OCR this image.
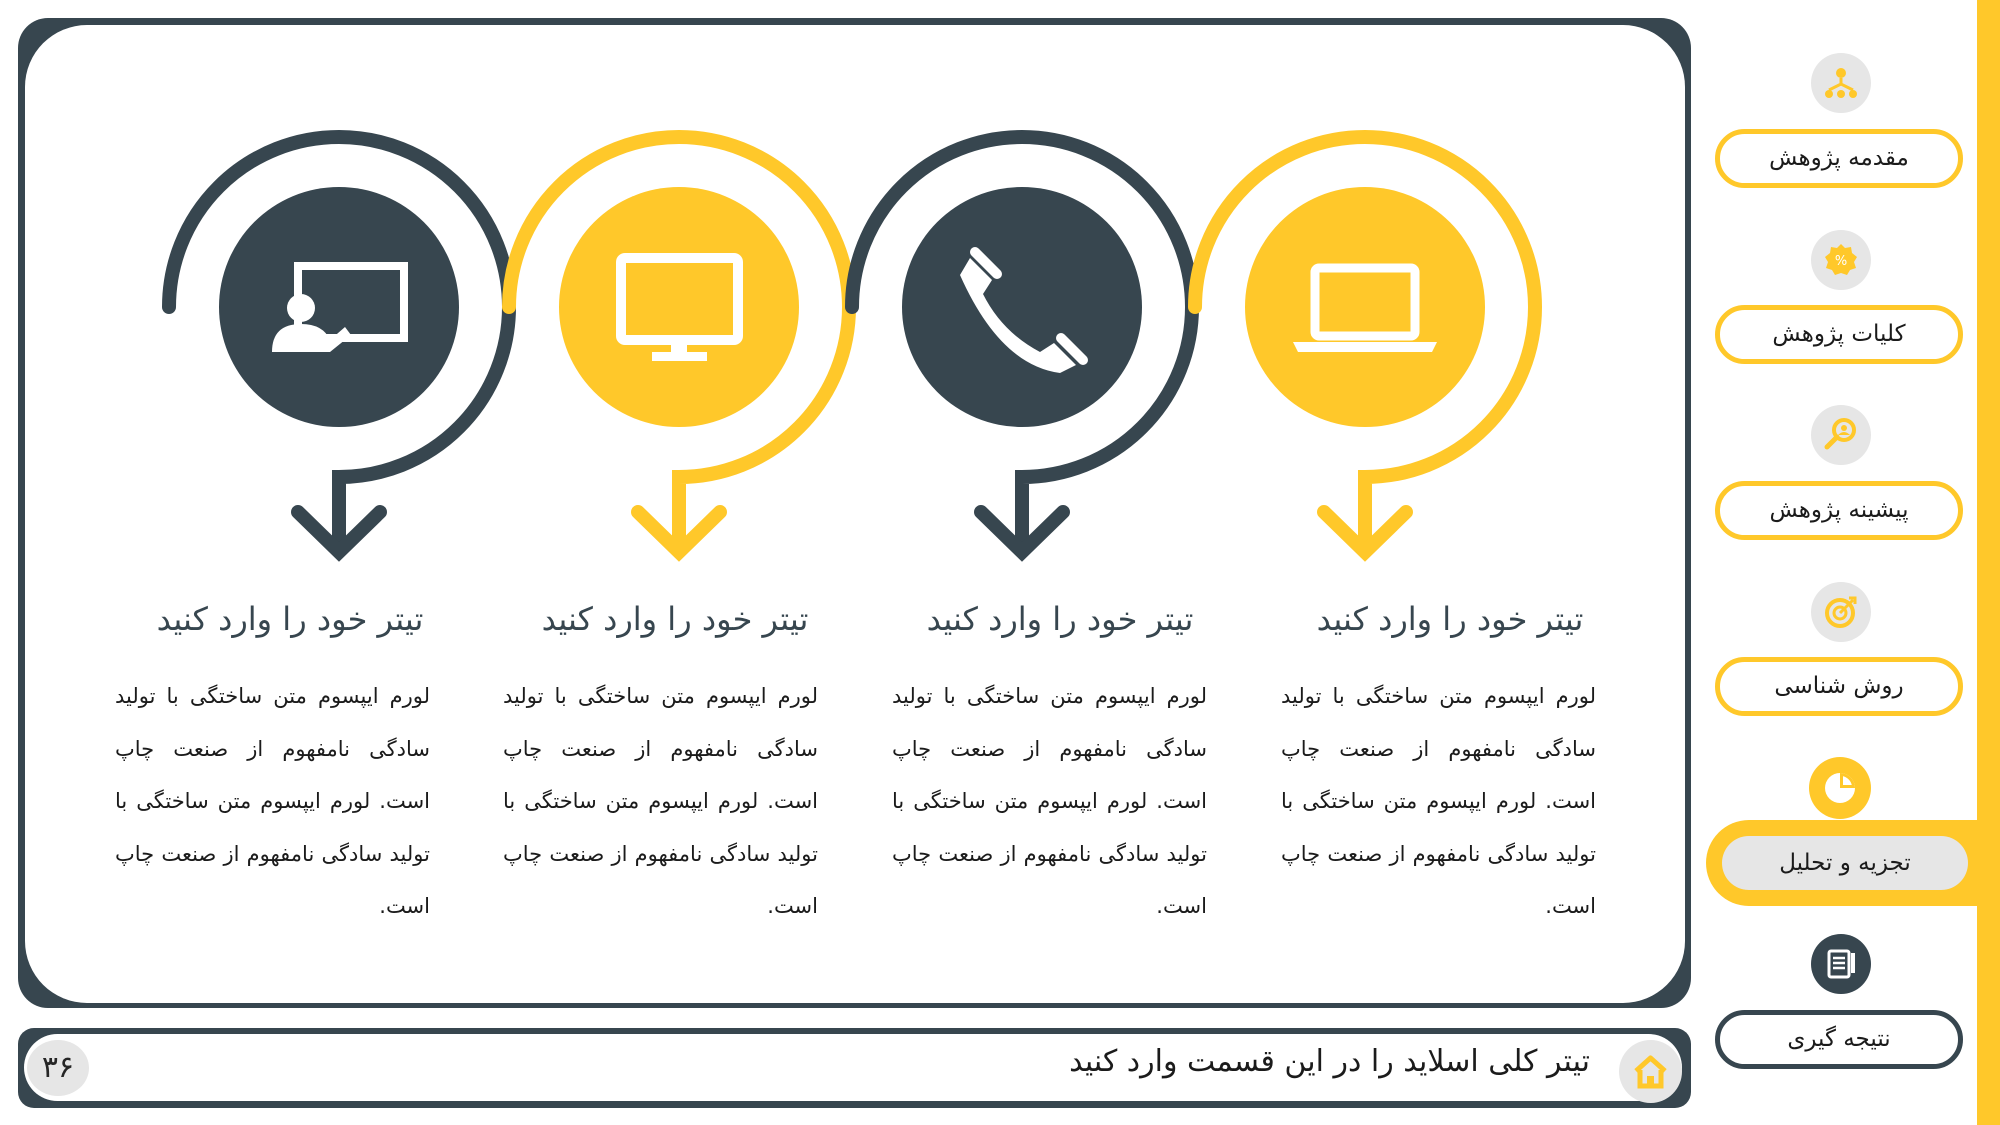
تیتر خود را وارد کنید
لورم ایپسوم متن ساختگی با تولید سادگی نامفهوم از صنعت چاپ است. لورم ایپسوم متن ساختگی با تولید سادگی نامفهوم از صنعت چاپ است.
تیتر خود را وارد کنید
لورم ایپسوم متن ساختگی با تولید سادگی نامفهوم از صنعت چاپ است. لورم ایپسوم متن ساختگی با تولید سادگی نامفهوم از صنعت چاپ است.
تیتر خود را وارد کنید
لورم ایپسوم متن ساختگی با تولید سادگی نامفهوم از صنعت چاپ است. لورم ایپسوم متن ساختگی با تولید سادگی نامفهوم از صنعت چاپ است.
تیتر خود را وارد کنید
لورم ایپسوم متن ساختگی با تولید سادگی نامفهوم از صنعت چاپ است. لورم ایپسوم متن ساختگی با تولید سادگی نامفهوم از صنعت چاپ است.
۳۶	تیتر کلی اسلاید را در این قسمت وارد کنید
مقدمه پژوهش
%
کلیات پژوهش
پیشینه پژوهش
روش شناسی
تجزیه و تحلیل
نتیجه گیری
